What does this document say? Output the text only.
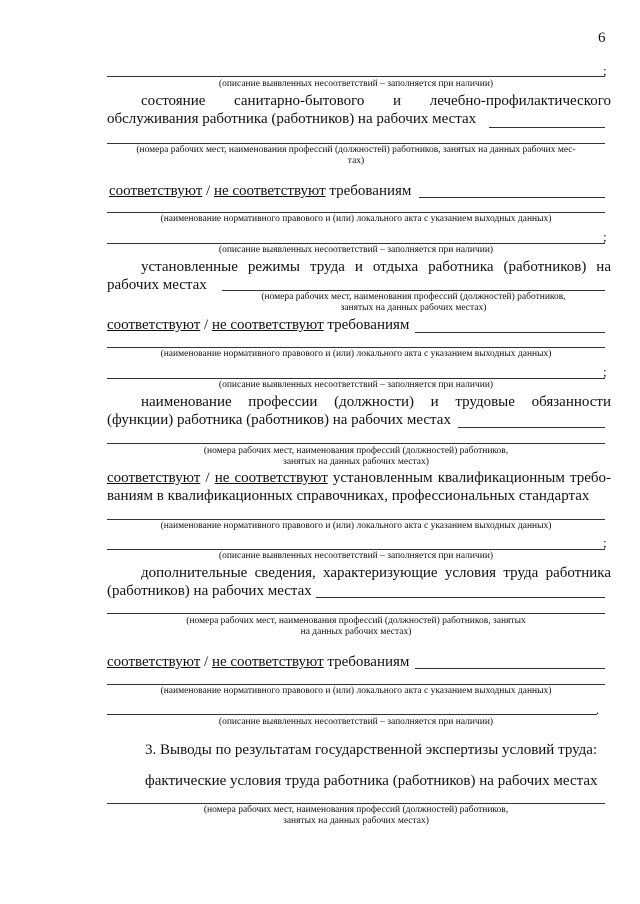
6
;
(описание выявленных несоответствий – заполняется при наличии)
состояние санитарно-бытового и лечебно-профилактического
обслуживания работника (работников) на рабочих местах
(номера рабочих мест, наименования профессий (должностей) работников, занятых на данных рабочих мес-
тах)
соответствуют / не соответствуют требованиям
(наименование нормативного правового и (или) локального акта с указанием выходных данных)
;
(описание выявленных несоответствий – заполняется при наличии)
установленные режимы труда и отдыха работника (работников) на
рабочих местах
(номера рабочих мест, наименования профессий (должностей) работников,
занятых на данных рабочих местах)
соответствуют / не соответствуют требованиям
(наименование нормативного правового и (или) локального акта с указанием выходных данных)
;
(описание выявленных несоответствий – заполняется при наличии)
наименование профессии (должности) и трудовые обязанности
(функции) работника (работников) на рабочих местах
(номера рабочих мест, наименования профессий (должностей) работников,
занятых на данных рабочих местах)
соответствуют / не соответствуют установленным квалификационным требо-
ваниям в квалификационных справочниках, профессиональных стандартах
(наименование нормативного правового и (или) локального акта с указанием выходных данных)
;
(описание выявленных несоответствий – заполняется при наличии)
дополнительные сведения, характеризующие условия труда работника
(работников) на рабочих местах
(номера рабочих мест, наименования профессий (должностей) работников, занятых
на данных рабочих местах)
соответствуют / не соответствуют требованиям
(наименование нормативного правового и (или) локального акта с указанием выходных данных)
.
(описание выявленных несоответствий – заполняется при наличии)
3. Выводы по результатам государственной экспертизы условий труда:
фактические условия труда работника (работников) на рабочих местах
(номера рабочих мест, наименования профессий (должностей) работников,
занятых на данных рабочих местах)
